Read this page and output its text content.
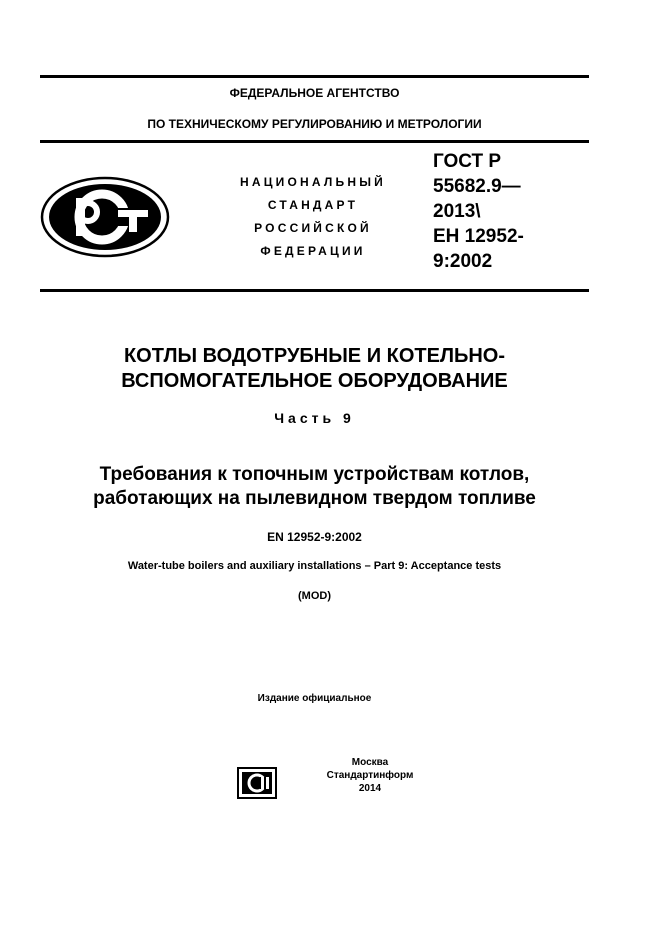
ФЕДЕРАЛЬНОЕ АГЕНТСТВО
ПО ТЕХНИЧЕСКОМУ РЕГУЛИРОВАНИЮ И МЕТРОЛОГИИ
НАЦИОНАЛЬНЫЙ
СТАНДАРТ
РОССИЙСКОЙ
ФЕДЕРАЦИИ
ГОСТ Р
55682.9—
2013\
ЕН 12952-
9:2002
КОТЛЫ ВОДОТРУБНЫЕ И КОТЕЛЬНО-
ВСПОМОГАТЕЛЬНОЕ ОБОРУДОВАНИЕ
Часть 9
Требования к топочным устройствам котлов,
работающих на пылевидном твердом топливе
EN 12952-9:2002
Water-tube boilers and auxiliary installations – Part 9: Acceptance tests
(MOD)
Издание официальное
Москва
Стандартинформ
2014
